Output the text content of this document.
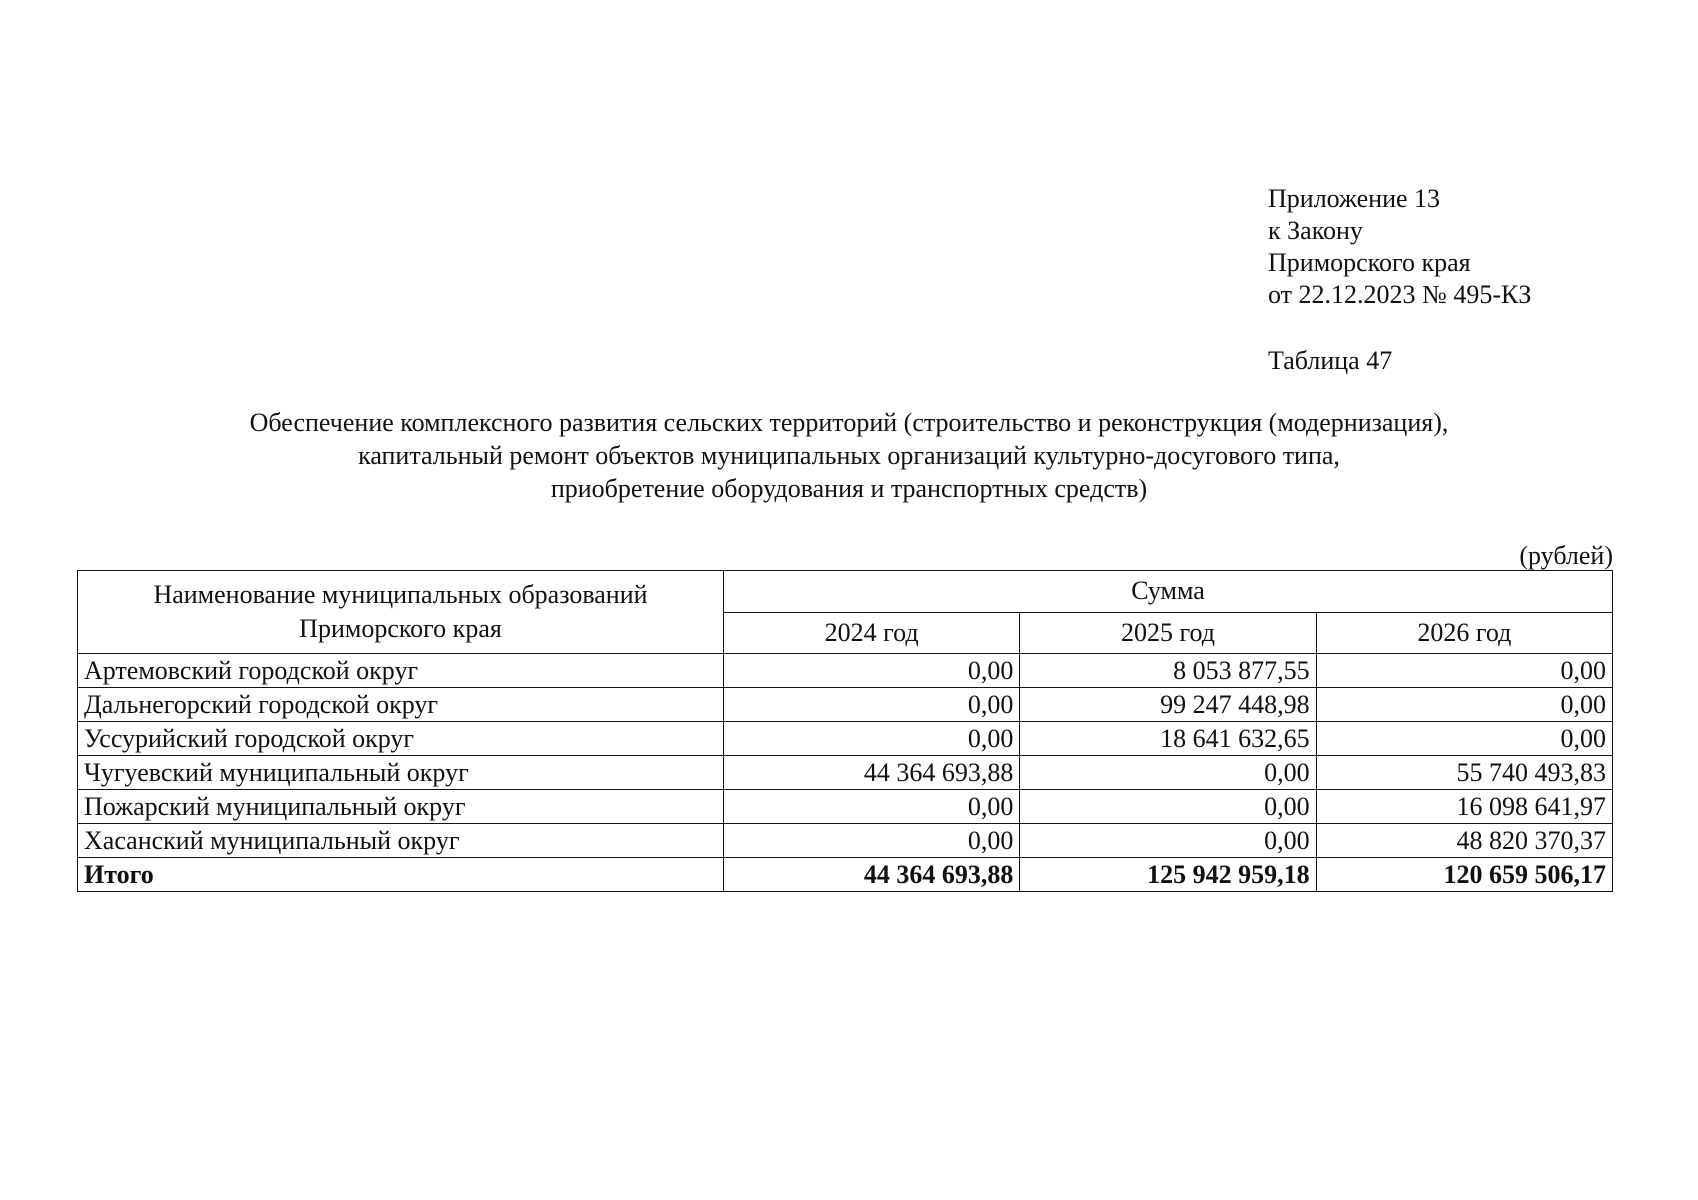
Приложение 13
к Закону
Приморского края
от 22.12.2023 № 495-КЗ
Таблица 47
Обеспечение комплексного развития сельских территорий (строительство и реконструкция (модернизация),
капитальный ремонт объектов муниципальных организаций культурно-досугового типа,
приобретение оборудования и транспортных средств)
(рублей)
Наименование муниципальных образований
Приморского края	Сумма		
	2024 год	2025 год	2026 год
Артемовский городской округ	0,00	8 053 877,55	0,00
Дальнегорский городской округ	0,00	99 247 448,98	0,00
Уссурийский городской округ	0,00	18 641 632,65	0,00
Чугуевский муниципальный округ	44 364 693,88	0,00	55 740 493,83
Пожарский муниципальный округ	0,00	0,00	16 098 641,97
Хасанский муниципальный округ	0,00	0,00	48 820 370,37
Итого	44 364 693,88	125 942 959,18	120 659 506,17
